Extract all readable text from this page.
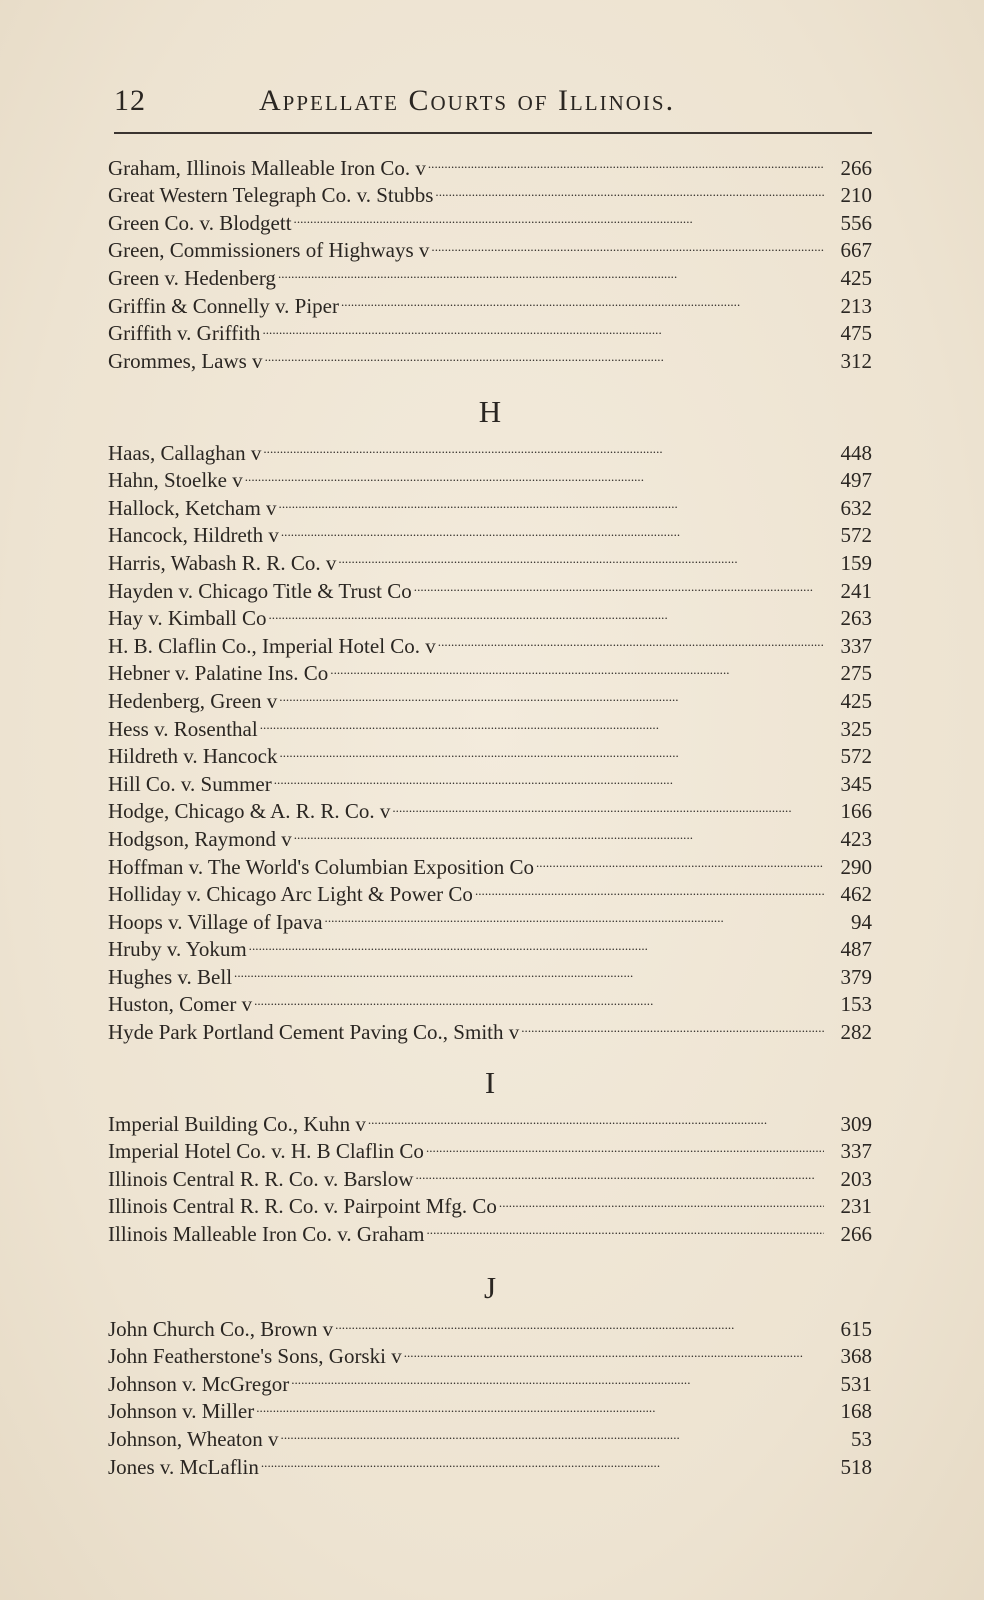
12	Appellate Courts of Illinois.
Graham, Illinois Malleable Iron Co. v . . .	266
Great Western Telegraph Co. v. Stubbs . . .	210
Green Co. v. Blodgett . . .	556
Green, Commissioners of Highways v . . .	667
Green v. Hedenberg . . .	425
Griffin & Connelly v. Piper . . .	213
Griffith v. Griffith . . .	475
Grommes, Laws v . . .	312
H
Haas, Callaghan v . . .	448
Hahn, Stoelke v . . .	497
Hallock, Ketcham v . . .	632
Hancock, Hildreth v . . .	572
Harris, Wabash R. R. Co. v . . .	159
Hayden v. Chicago Title & Trust Co . . .	241
Hay v. Kimball Co . . .	263
H. B. Claflin Co., Imperial Hotel Co. v . . .	337
Hebner v. Palatine Ins. Co . . .	275
Hedenberg, Green v . . .	425
Hess v. Rosenthal . . .	325
Hildreth v. Hancock . . .	572
Hill Co. v. Summer . . .	345
Hodge, Chicago & A. R. R. Co. v . . .	166
Hodgson, Raymond v . . .	423
Hoffman v. The World's Columbian Exposition Co . . .	290
Holliday v. Chicago Arc Light & Power Co . . .	462
Hoops v. Village of Ipava . . .	94
Hruby v. Yokum . . .	487
Hughes v. Bell . . .	379
Huston, Comer v . . .	153
Hyde Park Portland Cement Paving Co., Smith v . . .	282
I
Imperial Building Co., Kuhn v . . .	309
Imperial Hotel Co. v. H. B Claflin Co . . .	337
Illinois Central R. R. Co. v. Barslow . . .	203
Illinois Central R. R. Co. v. Pairpoint Mfg. Co . . .	231
Illinois Malleable Iron Co. v. Graham . . .	266
J
John Church Co., Brown v . . .	615
John Featherstone's Sons, Gorski v . . .	368
Johnson v. McGregor . . .	531
Johnson v. Miller . . .	168
Johnson, Wheaton v . . .	53
Jones v. McLaflin . . .	518
